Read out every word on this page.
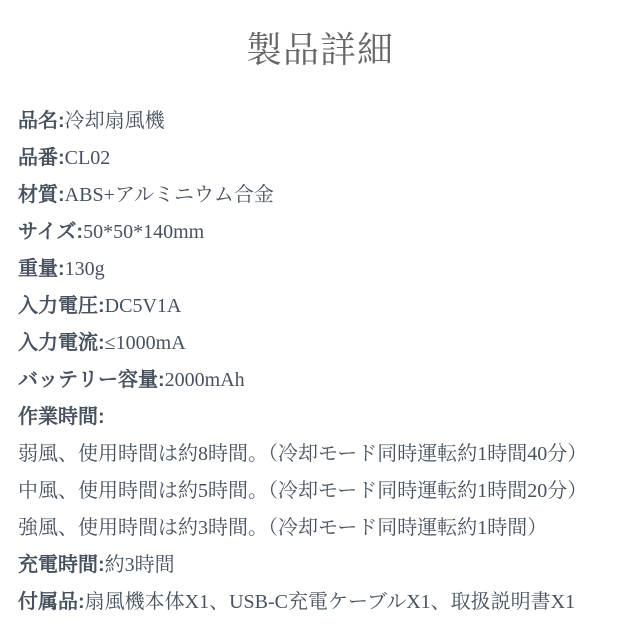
製品詳細
品名:冷却扇風機
品番:CL02
材質:ABS+アルミニウム合金
サイズ:50*50*140mm
重量:130g
入力電圧:DC5V1A
入力電流:≤1000mA
バッテリー容量:2000mAh
作業時間:
弱風、使用時間は約8時間。（冷却モード同時運転約1時間40分）
中風、使用時間は約5時間。（冷却モード同時運転約1時間20分）
強風、使用時間は約3時間。（冷却モード同時運転約1時間）
充電時間:約3時間
付属品:扇風機本体X1、USB-C充電ケーブルX1、取扱説明書X1
